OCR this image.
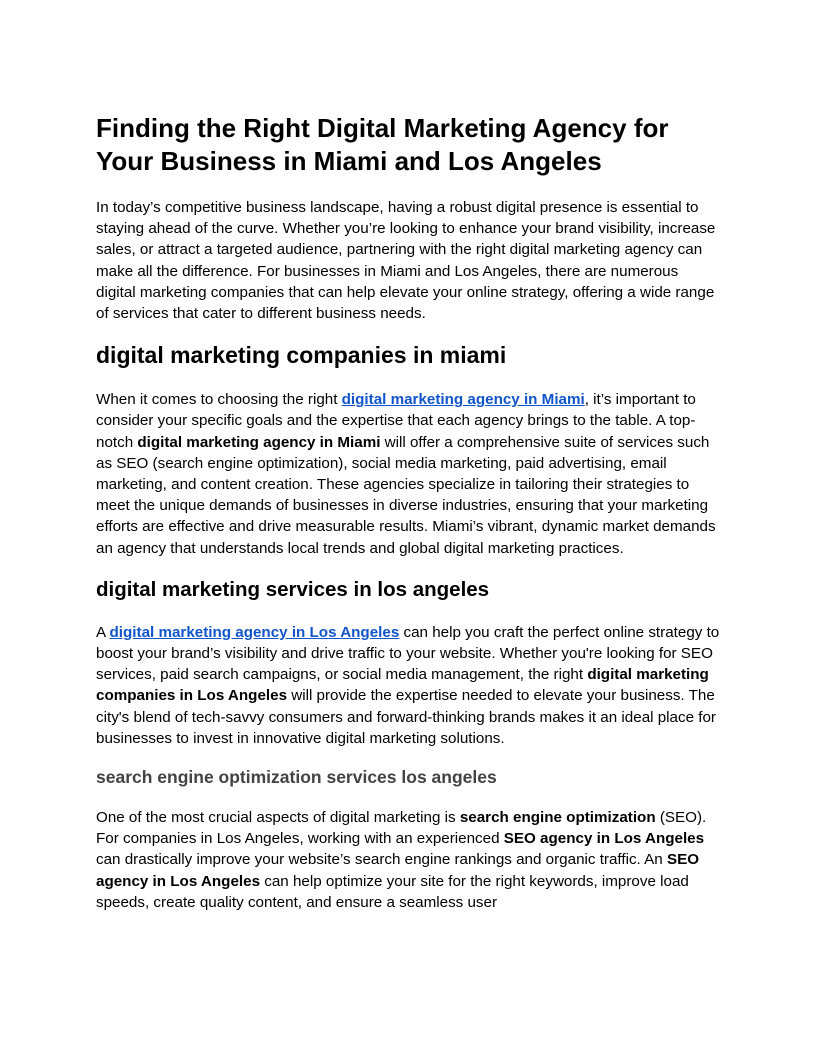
Finding the Right Digital Marketing Agency for Your Business in Miami and Los Angeles

In today’s competitive business landscape, having a robust digital presence is essential to staying ahead of the curve. Whether you’re looking to enhance your brand visibility, increase sales, or attract a targeted audience, partnering with the right digital marketing agency can make all the difference. For businesses in Miami and Los Angeles, there are numerous digital marketing companies that can help elevate your online strategy, offering a wide range of services that cater to different business needs.

digital marketing companies in miami

When it comes to choosing the right digital marketing agency in Miami, it’s important to consider your specific goals and the expertise that each agency brings to the table. A top-notch digital marketing agency in Miami will offer a comprehensive suite of services such as SEO (search engine optimization), social media marketing, paid advertising, email marketing, and content creation. These agencies specialize in tailoring their strategies to meet the unique demands of businesses in diverse industries, ensuring that your marketing efforts are effective and drive measurable results. Miami’s vibrant, dynamic market demands an agency that understands local trends and global digital marketing practices.

digital marketing services in los angeles

A digital marketing agency in Los Angeles can help you craft the perfect online strategy to boost your brand’s visibility and drive traffic to your website. Whether you're looking for SEO services, paid search campaigns, or social media management, the right digital marketing companies in Los Angeles will provide the expertise needed to elevate your business. The city's blend of tech-savvy consumers and forward-thinking brands makes it an ideal place for businesses to invest in innovative digital marketing solutions.

search engine optimization services los angeles

One of the most crucial aspects of digital marketing is search engine optimization (SEO). For companies in Los Angeles, working with an experienced SEO agency in Los Angeles can drastically improve your website’s search engine rankings and organic traffic. An SEO agency in Los Angeles can help optimize your site for the right keywords, improve load speeds, create quality content, and ensure a seamless user
